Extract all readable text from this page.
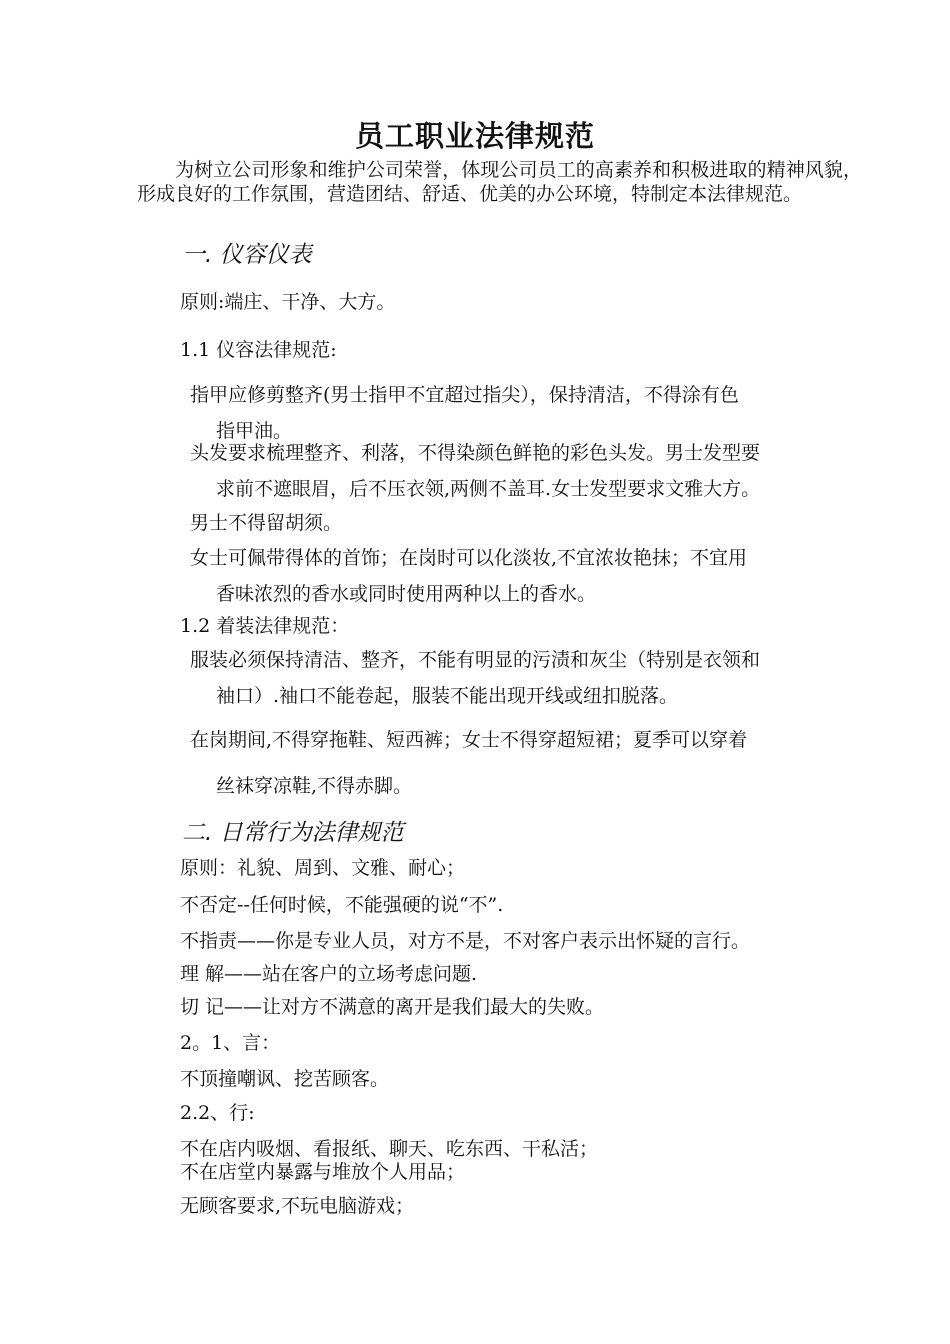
员工职业法律规范
为树立公司形象和维护公司荣誉，体现公司员工的高素养和积极进取的精神风貌，形成良好的工作氛围，营造团结、舒适、优美的办公环境，特制定本法律规范。
一. 仪容仪表
原则:端庄、干净、大方。
1.1 仪容法律规范:
指甲应修剪整齐(男士指甲不宜超过指尖），保持清洁，不得涂有色
指甲油。
头发要求梳理整齐、利落，不得染颜色鲜艳的彩色头发。男士发型要
求前不遮眼眉，后不压衣领,两侧不盖耳.女士发型要求文雅大方。
男士不得留胡须。
女士可佩带得体的首饰；在岗时可以化淡妆,不宜浓妆艳抹；不宜用
香味浓烈的香水或同时使用两种以上的香水。
1.2 着装法律规范：
服装必须保持清洁、整齐，不能有明显的污渍和灰尘（特别是衣领和
袖口）.袖口不能卷起，服装不能出现开线或纽扣脱落。
在岗期间,不得穿拖鞋、短西裤；女士不得穿超短裙；夏季可以穿着
丝袜穿凉鞋,不得赤脚。
二. 日常行为法律规范
原则：礼貌、周到、文雅、耐心；
不否定--任何时候，不能强硬的说“不”.
不指责——你是专业人员，对方不是，不对客户表示出怀疑的言行。
理 解——站在客户的立场考虑问题.
切 记——让对方不满意的离开是我们最大的失败。
2。1、言：
不顶撞嘲讽、挖苦顾客。
2.2、行:
不在店内吸烟、看报纸、聊天、吃东西、干私活；
不在店堂内暴露与堆放个人用品；
无顾客要求,不玩电脑游戏；
